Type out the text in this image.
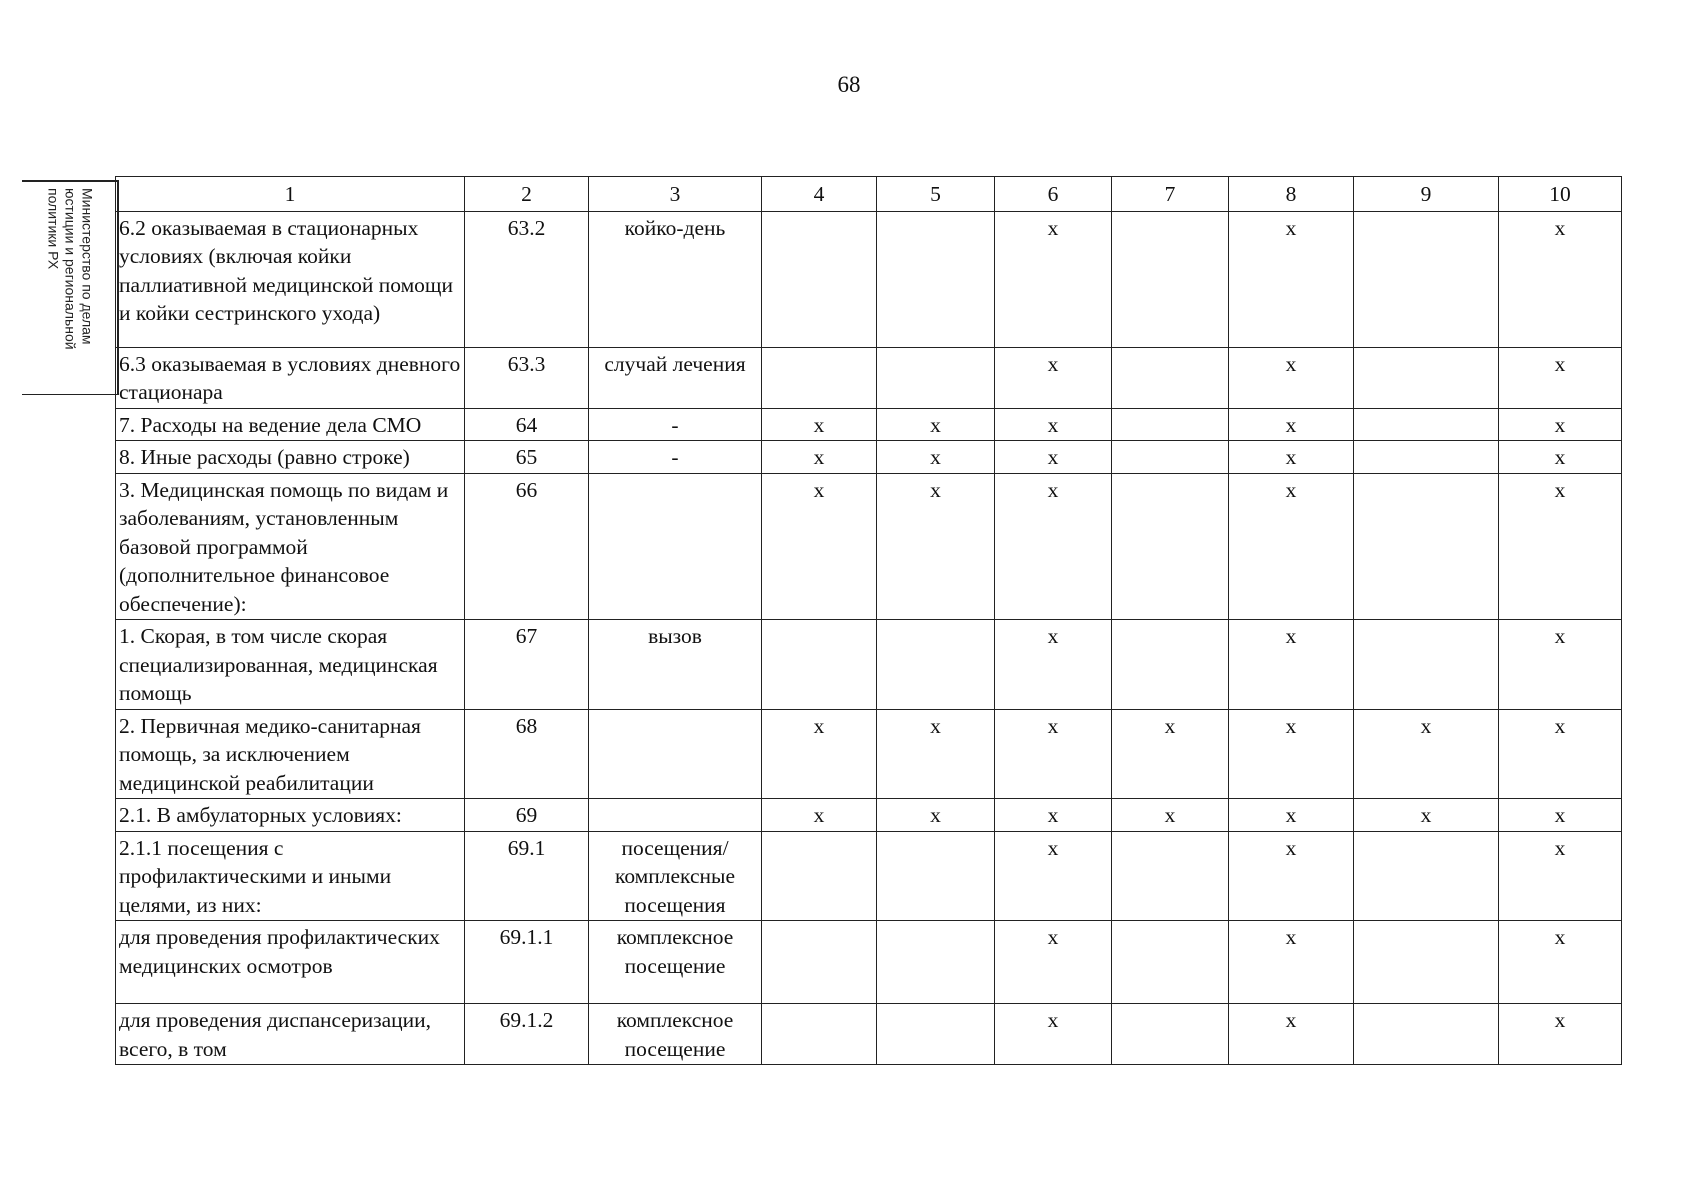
68
Министерство по делам
юстиции и региональной
политики РХ	1	2	3	4	5	6	7	8	9	10
6.2 оказываемая в стационарных условиях (включая койки паллиативной медицинской помощи и койки сестринского ухода)	63.2	койко-день			х		х		х
6.3 оказываемая в условиях дневного стационара	63.3	случай лечения			х		х		х
7. Расходы на ведение дела СМО	64	-	х	х	х		х		х
8. Иные расходы (равно строке)	65	-	х	х	х		х		х
3. Медицинская помощь по видам и заболеваниям, установленным базовой программой (дополнительное финансовое обеспечение):	66		х	х	х		х		х
1. Скорая, в том числе скорая специализированная, медицинская помощь	67	вызов			х		х		х
2. Первичная медико-санитарная помощь, за исключением медицинской реабилитации	68		х	х	х	х	х	х	х
2.1. В амбулаторных условиях:	69		х	х	х	х	х	х	х
2.1.1 посещения с профилактическими и иными целями, из них:	69.1	посещения/комплексные посещения			х		х		х
для проведения профилактических медицинских осмотров	69.1.1	комплексное посещение			х		х		х
для проведения диспансеризации, всего, в том	69.1.2	комплексное посещение			х		х		х
